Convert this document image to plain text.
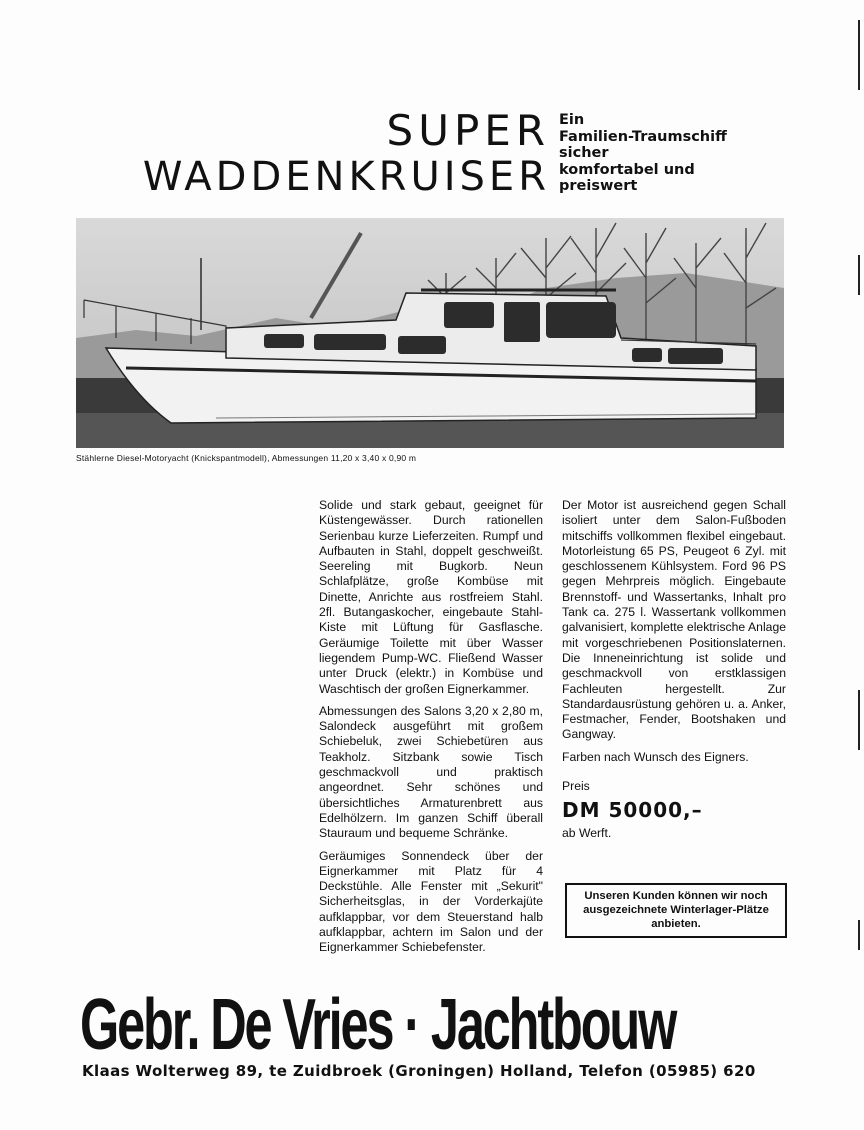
SUPER
WADDENKRUISER
Ein
Familien-Traumschiff
sicher
komfortabel und
preiswert
Stählerne Diesel-Motoryacht (Knickspantmodell), Abmessungen 11,20 x 3,40 x 0,90 m

Solide und stark gebaut, geeignet für Küstengewässer. Durch rationellen Serienbau kurze Lieferzeiten. Rumpf und Aufbauten in Stahl, doppelt geschweißt. Seereling mit Bugkorb. Neun Schlafplätze, große Kombüse mit Dinette, Anrichte aus rostfreiem Stahl. 2fl. Butangaskocher, eingebaute Stahl-Kiste mit Lüftung für Gasflasche. Geräumige Toilette mit über Wasser liegendem Pump-WC. Fließend Wasser unter Druck (elektr.) in Kombüse und Waschtisch der großen Eignerkammer.

Abmessungen des Salons 3,20 x 2,80 m, Salondeck ausgeführt mit großem Schiebeluk, zwei Schiebetüren aus Teakholz. Sitzbank sowie Tisch geschmackvoll und praktisch angeordnet. Sehr schönes und übersichtliches Armaturenbrett aus Edelhölzern. Im ganzen Schiff überall Stauraum und bequeme Schränke.

Geräumiges Sonnendeck über der Eignerkammer mit Platz für 4 Deckstühle. Alle Fenster mit „Sekurit" Sicherheitsglas, in der Vorderkajüte aufklappbar, vor dem Steuerstand halb aufklappbar, achtern im Salon und der Eignerkammer Schiebefenster.

Der Motor ist ausreichend gegen Schall isoliert unter dem Salon-Fußboden mitschiffs vollkommen flexibel eingebaut. Motorleistung 65 PS, Peugeot 6 Zyl. mit geschlossenem Kühlsystem. Ford 96 PS gegen Mehrpreis möglich. Eingebaute Brennstoff- und Wassertanks, Inhalt pro Tank ca. 275 l. Wassertank vollkommen galvanisiert, komplette elektrische Anlage mit vorgeschriebenen Positionslaternen. Die Inneneinrichtung ist solide und geschmackvoll von erstklassigen Fachleuten hergestellt. Zur Standardausrüstung gehören u. a. Anker, Festmacher, Fender, Bootshaken und Gangway.

Farben nach Wunsch des Eigners.

Preis

DM 50000,–

ab Werft.

Unseren Kunden können wir noch ausgezeichnete Winterlager-Plätze anbieten.
Gebr. De Vries · Jachtbouw
Klaas Wolterweg 89, te Zuidbroek (Groningen) Holland, Telefon (05985) 620
